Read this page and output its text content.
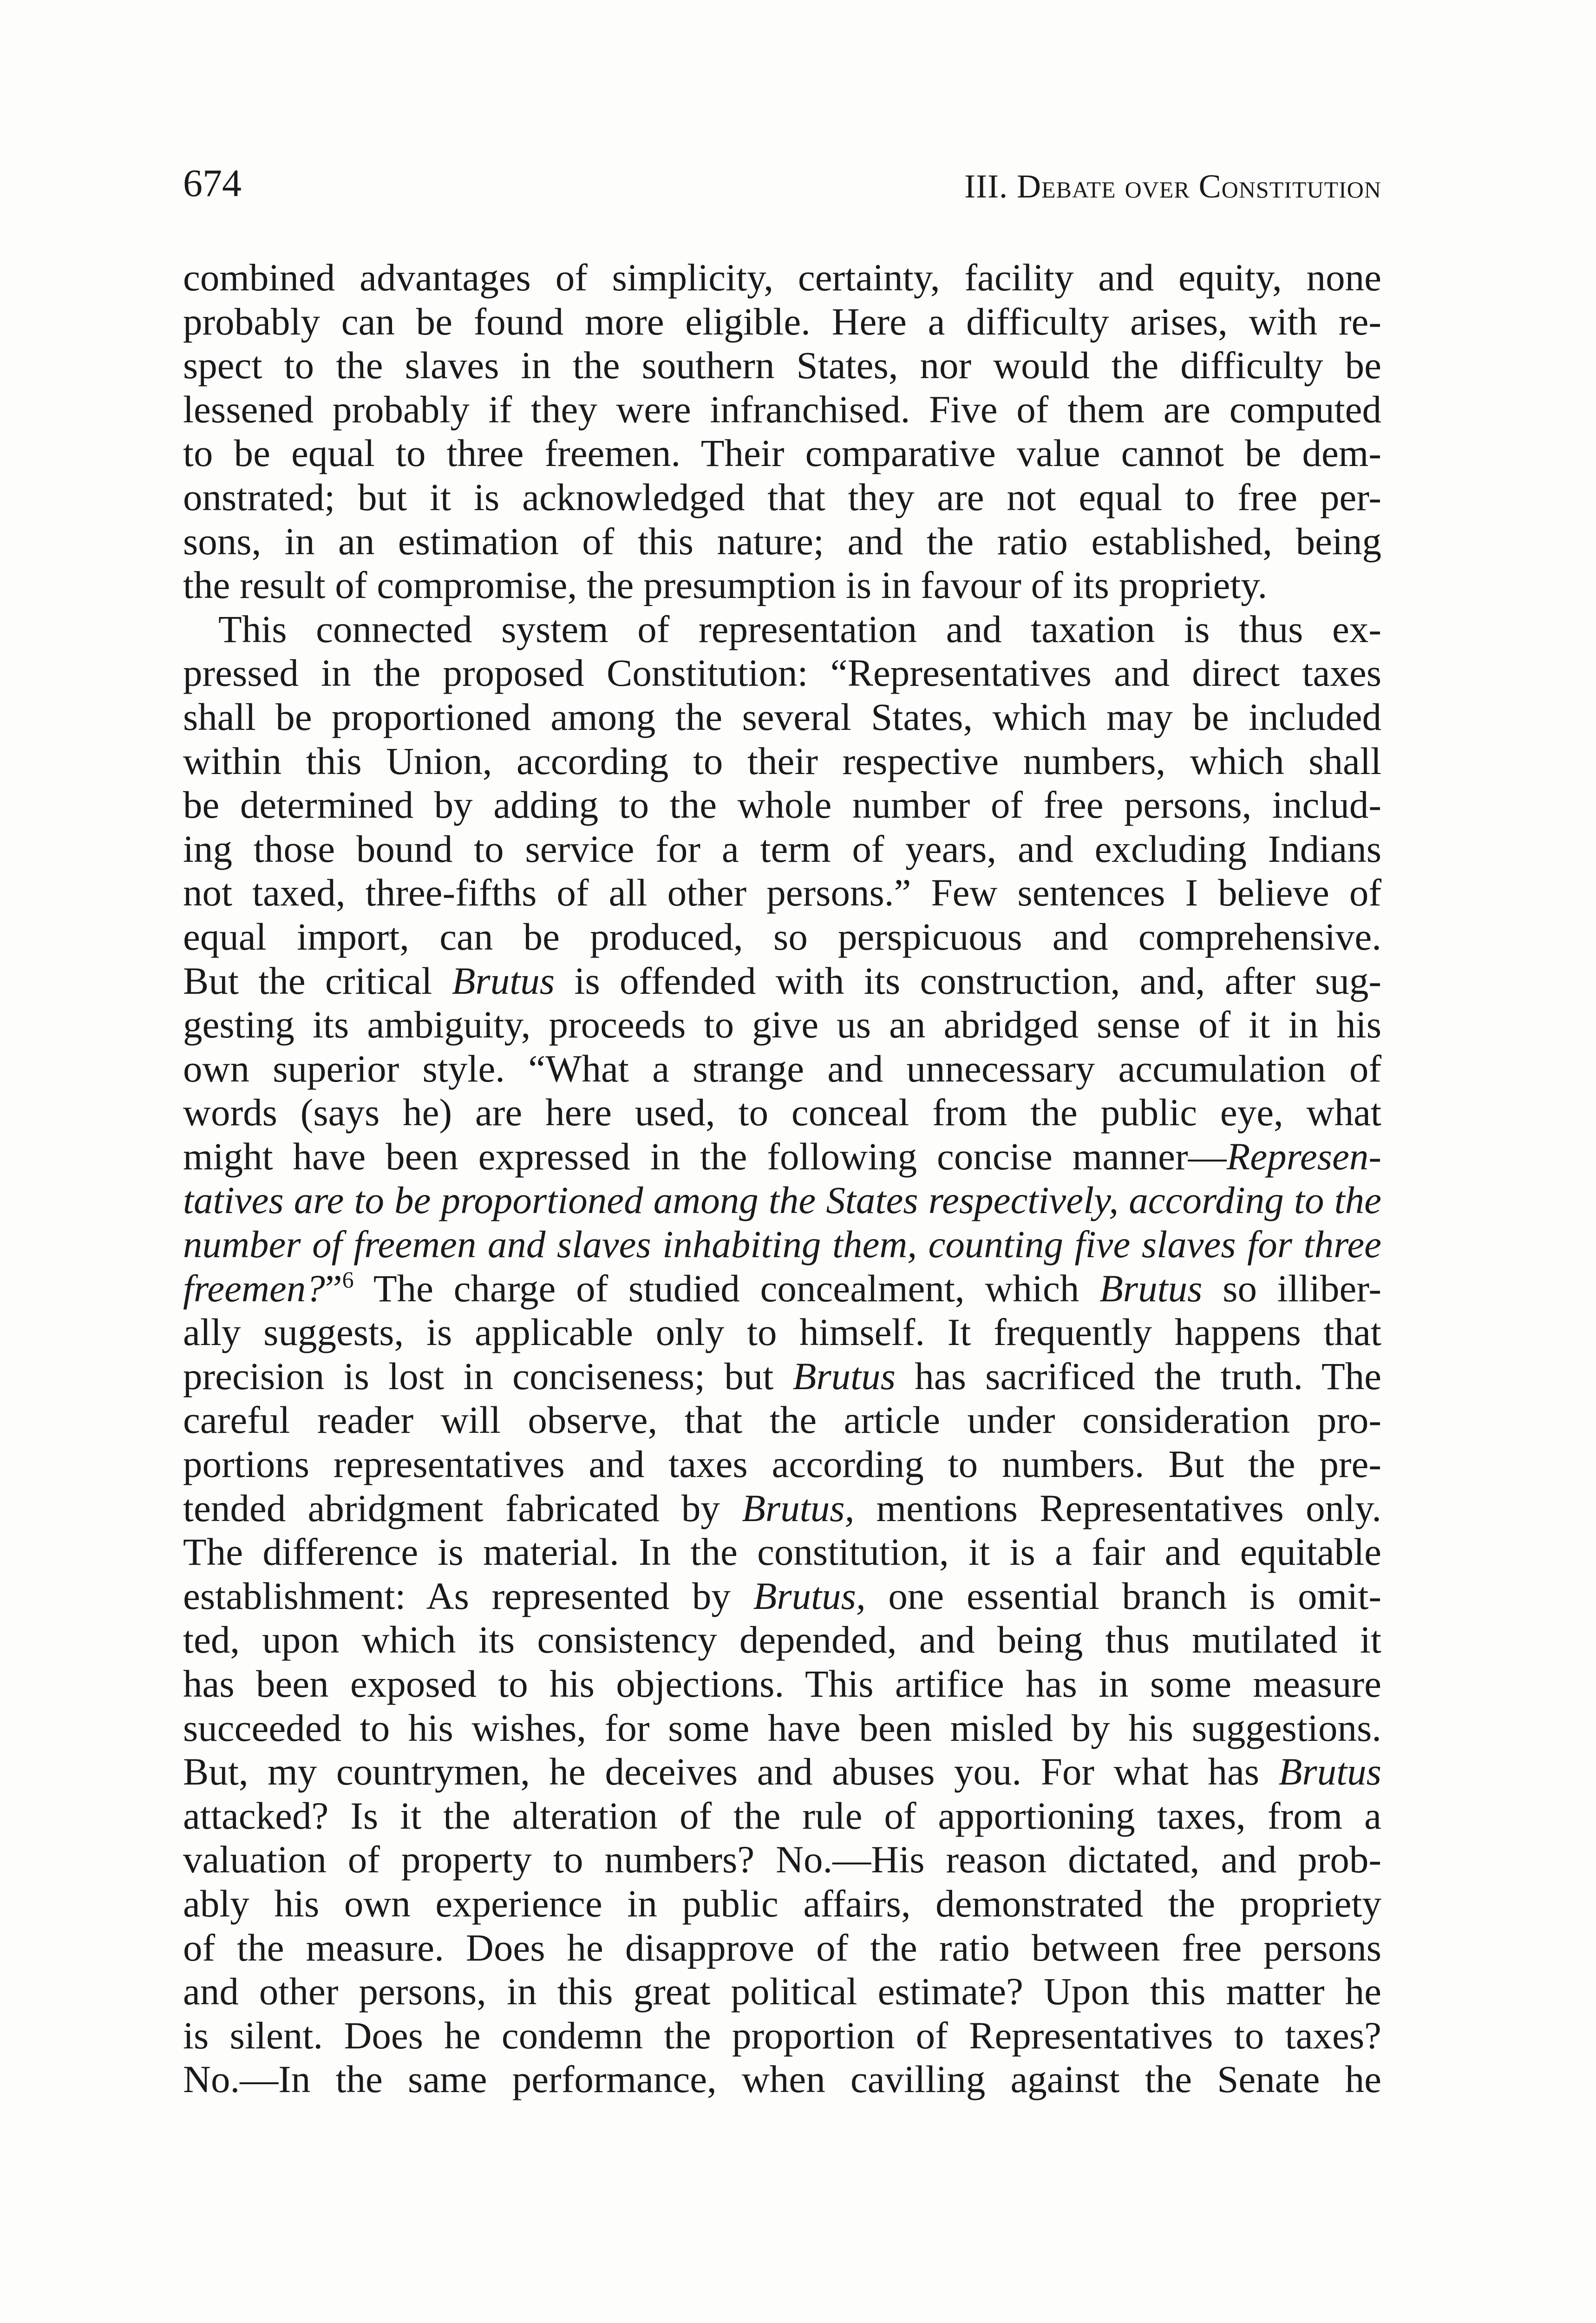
674	III. Debate over Constitution
combined advantages of simplicity, certainty, facility and equity, none
probably can be found more eligible. Here a difficulty arises, with re-
spect to the slaves in the southern States, nor would the difficulty be
lessened probably if they were infranchised. Five of them are computed
to be equal to three freemen. Their comparative value cannot be dem-
onstrated; but it is acknowledged that they are not equal to free per-
sons, in an estimation of this nature; and the ratio established, being
the result of compromise, the presumption is in favour of its propriety.
This connected system of representation and taxation is thus ex-
pressed in the proposed Constitution: “Representatives and direct taxes
shall be proportioned among the several States, which may be included
within this Union, according to their respective numbers, which shall
be determined by adding to the whole number of free persons, includ-
ing those bound to service for a term of years, and excluding Indians
not taxed, three-fifths of all other persons.” Few sentences I believe of
equal import, can be produced, so perspicuous and comprehensive.
But the critical Brutus is offended with its construction, and, after sug-
gesting its ambiguity, proceeds to give us an abridged sense of it in his
own superior style. “What a strange and unnecessary accumulation of
words (says he) are here used, to conceal from the public eye, what
might have been expressed in the following concise manner—Represen-
tatives are to be proportioned among the States respectively, according to the
number of freemen and slaves inhabiting them, counting five slaves for three
freemen?”$^6$ The charge of studied concealment, which Brutus so illiber-
ally suggests, is applicable only to himself. It frequently happens that
precision is lost in conciseness; but Brutus has sacrificed the truth. The
careful reader will observe, that the article under consideration pro-
portions representatives and taxes according to numbers. But the pre-
tended abridgment fabricated by Brutus, mentions Representatives only.
The difference is material. In the constitution, it is a fair and equitable
establishment: As represented by Brutus, one essential branch is omit-
ted, upon which its consistency depended, and being thus mutilated it
has been exposed to his objections. This artifice has in some measure
succeeded to his wishes, for some have been misled by his suggestions.
But, my countrymen, he deceives and abuses you. For what has Brutus
attacked? Is it the alteration of the rule of apportioning taxes, from a
valuation of property to numbers? No.—His reason dictated, and prob-
ably his own experience in public affairs, demonstrated the propriety
of the measure. Does he disapprove of the ratio between free persons
and other persons, in this great political estimate? Upon this matter he
is silent. Does he condemn the proportion of Representatives to taxes?
No.—In the same performance, when cavilling against the Senate he
